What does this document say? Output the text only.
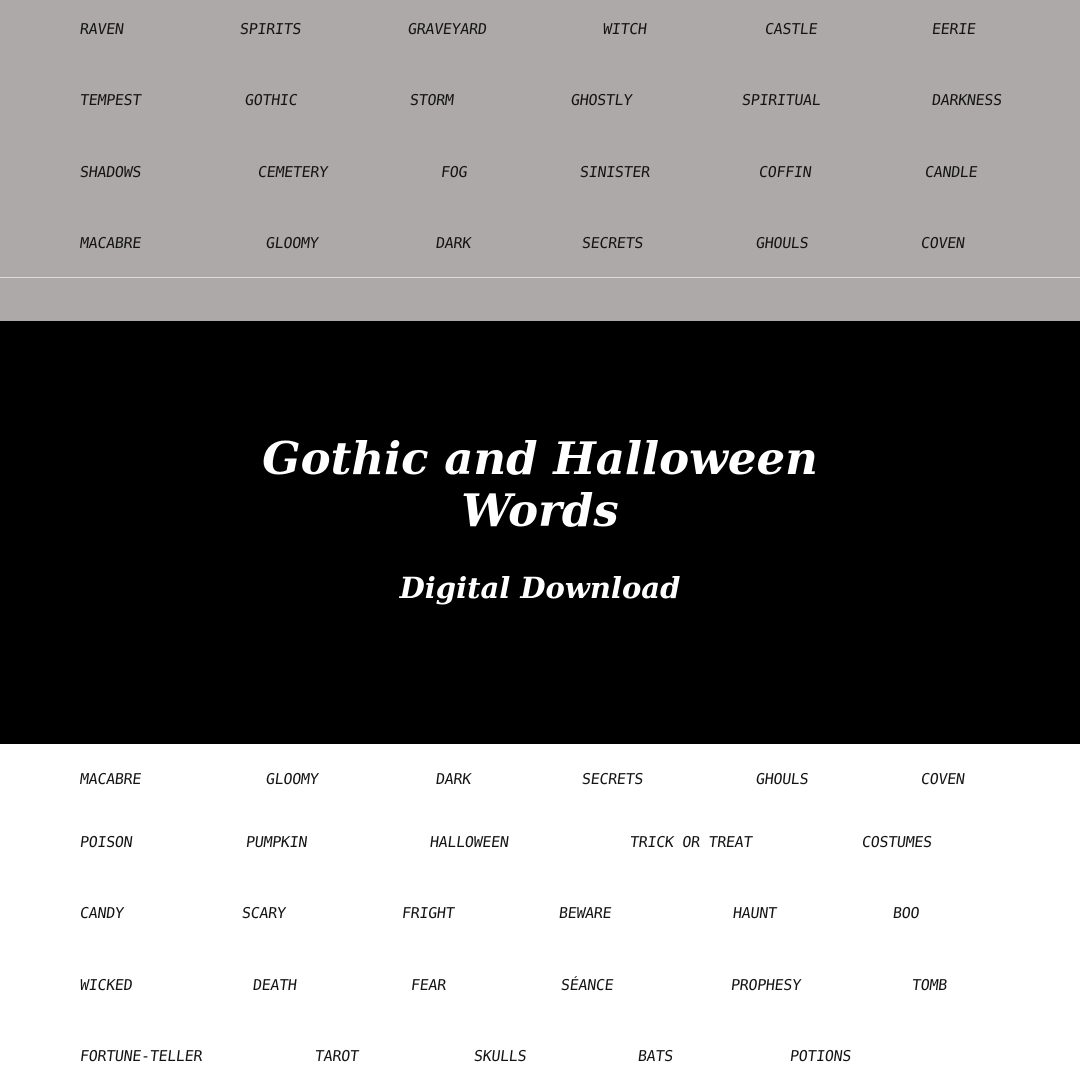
RAVEN	SPIRITS	GRAVEYARD	WITCH	CASTLE	EERIE
TEMPEST	GOTHIC	STORM	GHOSTLY	SPIRITUAL	DARKNESS
SHADOWS	CEMETERY	FOG	SINISTER	COFFIN	CANDLE
MACABRE	GLOOMY	DARK	SECRETS	GHOULS	COVEN
Gothic and Halloween
Words

Digital Download

MACABRE	GLOOMY	DARK	SECRETS	GHOULS	COVEN
POISON	PUMPKIN	HALLOWEEN	TRICK OR TREAT	COSTUMES
CANDY	SCARY	FRIGHT	BEWARE	HAUNT	BOO
WICKED	DEATH	FEAR	SÉANCE	PROPHESY	TOMB
FORTUNE-TELLER	TAROT	SKULLS	BATS	POTIONS
